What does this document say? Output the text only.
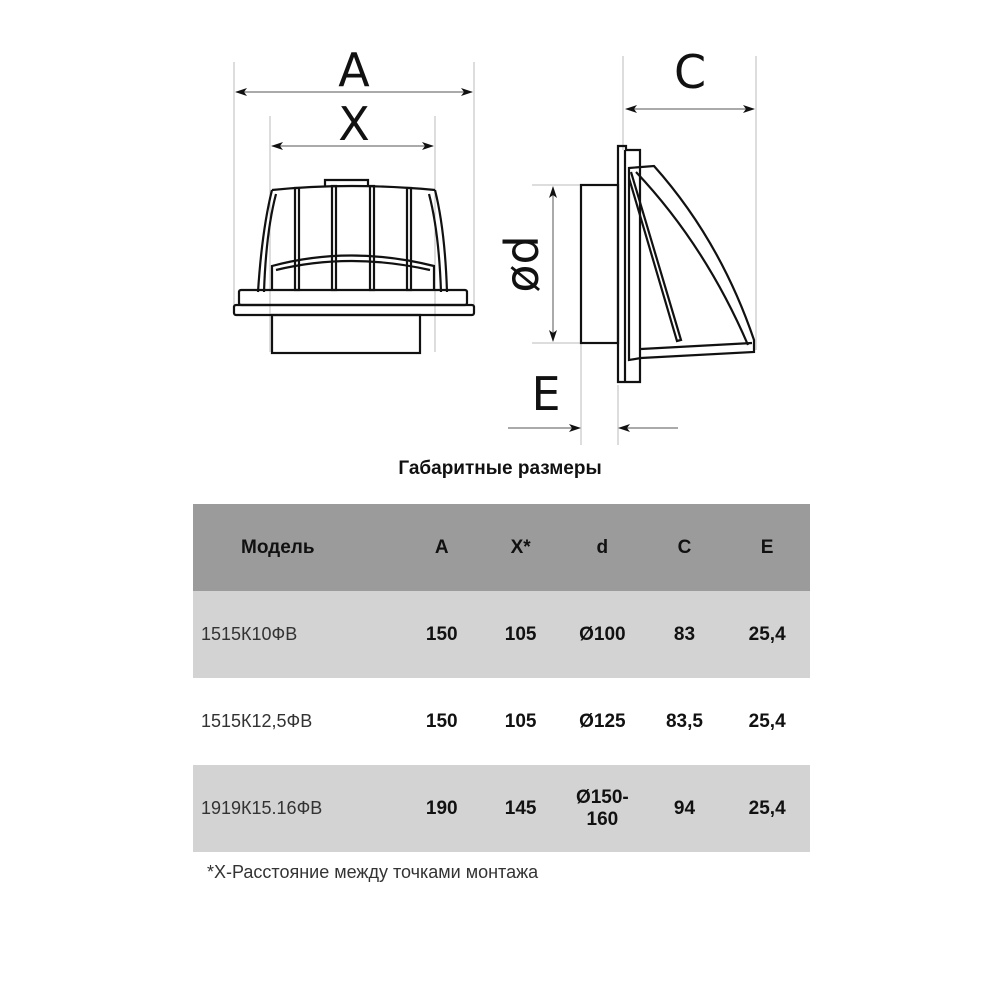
A
X
C
ød
E
Габаритные размеры
Модель	A	X*	d	C	E
1515К10ФВ	150	105	Ø100	83	25,4
1515К12,5ФВ	150	105	Ø125	83,5	25,4
1919К15.16ФВ	190	145	Ø150-160	94	25,4
*X-Расстояние между точками монтажа
